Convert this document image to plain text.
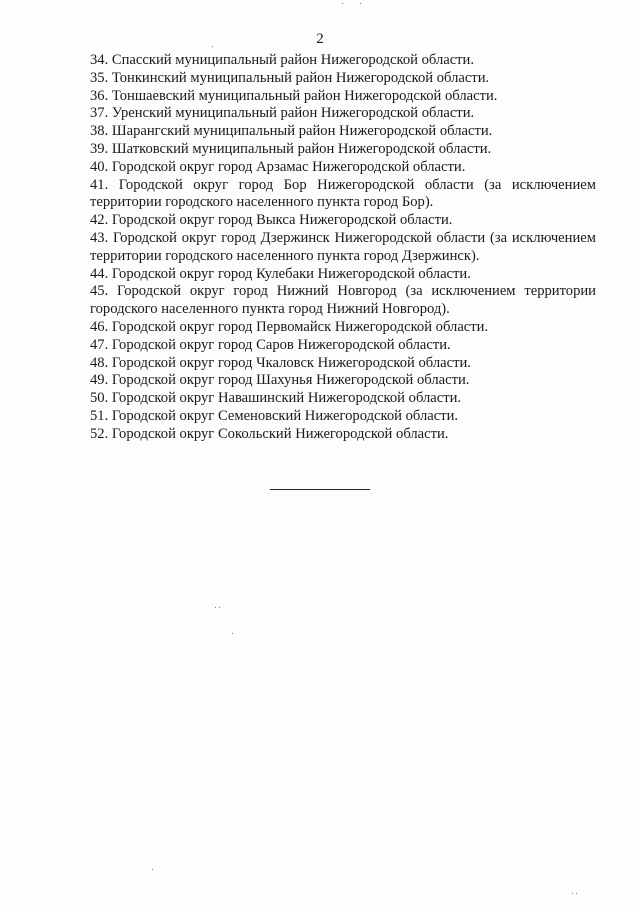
2
34. Спасский муниципальный район Нижегородской области.
35. Тонкинский муниципальный район Нижегородской области.
36. Тоншаевский муниципальный район Нижегородской области.
37. Уренский муниципальный район Нижегородской области.
38. Шарангский муниципальный район Нижегородской области.
39. Шатковский муниципальный район Нижегородской области.
40. Городской округ город Арзамас Нижегородской области.
41. Городской округ город Бор Нижегородской области (за исключением территории городского населенного пункта город Бор).
42. Городской округ город Выкса Нижегородской области.
43. Городской округ город Дзержинск Нижегородской области (за исключением территории городского населенного пункта город Дзержинск).
44. Городской округ город Кулебаки Нижегородской области.
45. Городской округ город Нижний Новгород (за исключением территории городского населенного пункта город Нижний Новгород).
46. Городской округ город Первомайск Нижегородской области.
47. Городской округ город Саров Нижегородской области.
48. Городской округ город Чкаловск Нижегородской области.
49. Городской округ город Шахунья Нижегородской области.
50. Городской округ Навашинский Нижегородской области.
51. Городской округ Семеновский Нижегородской области.
52. Городской округ Сокольский Нижегородской области.
